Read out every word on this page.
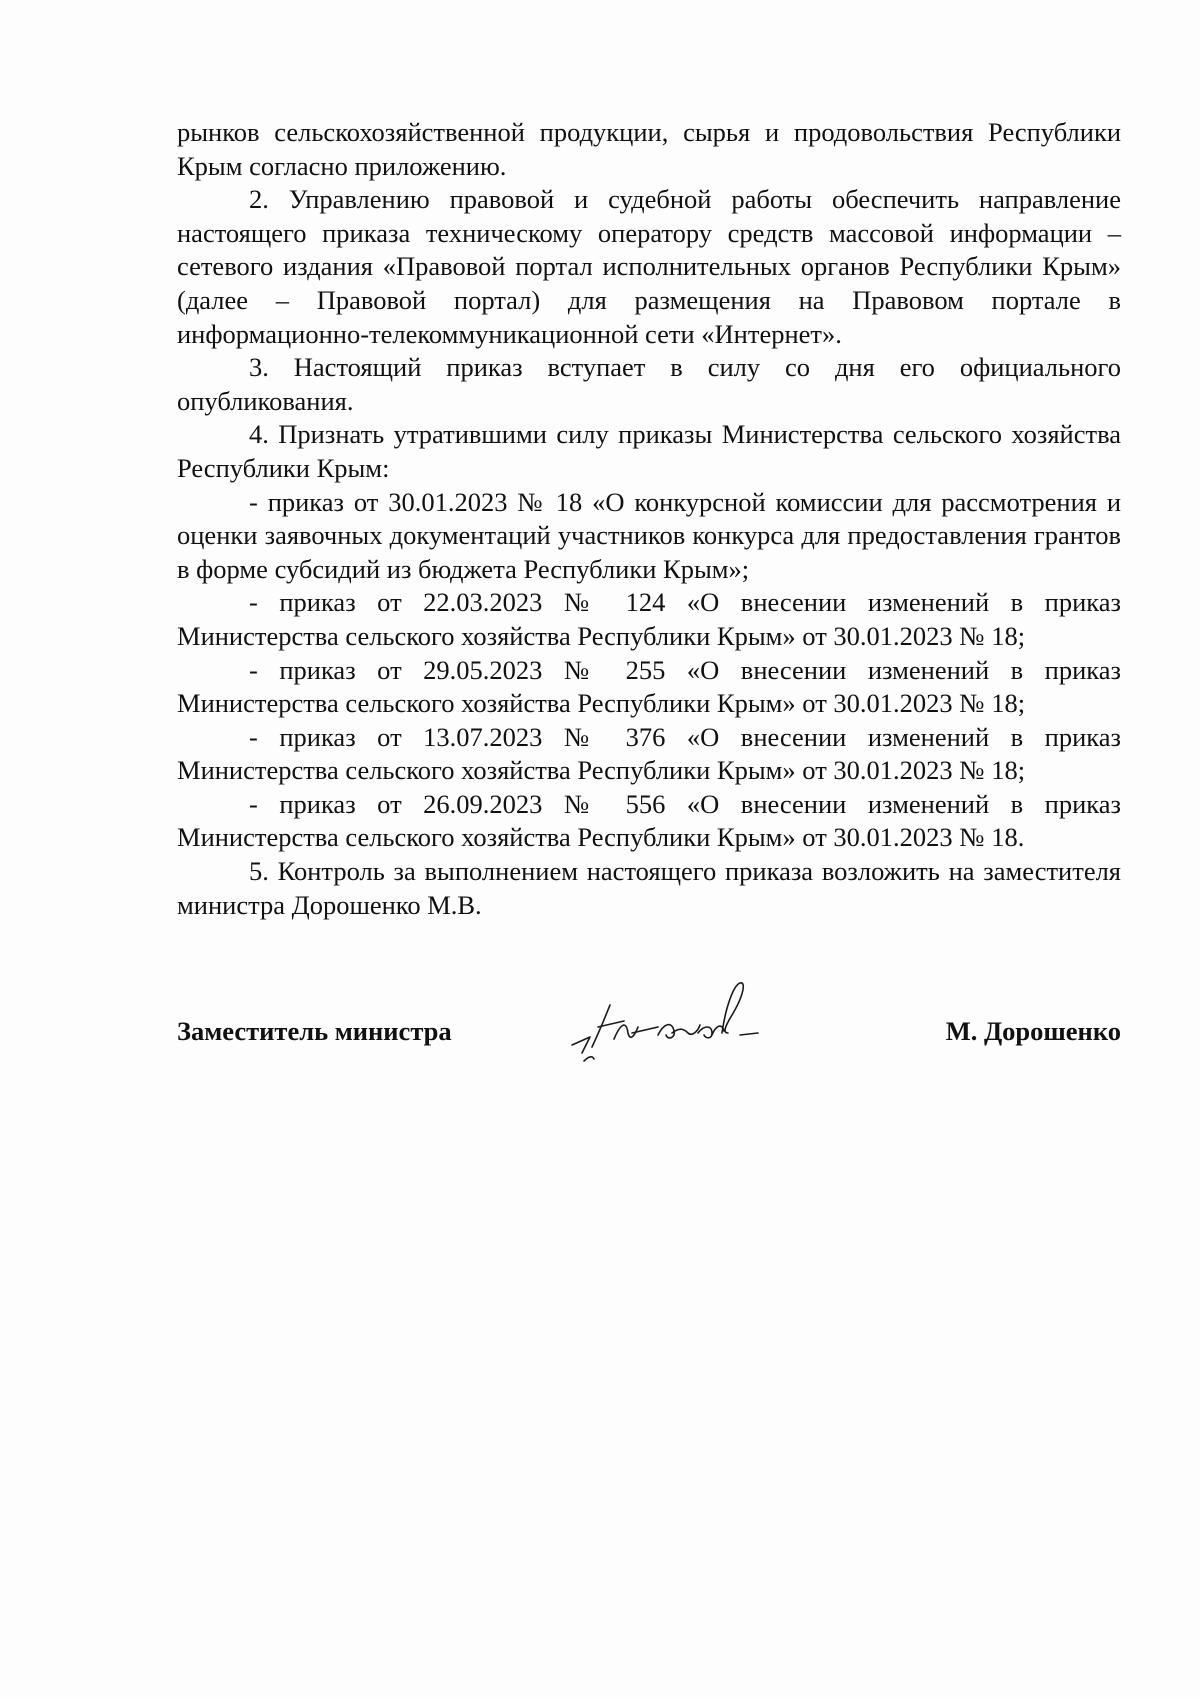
рынков сельскохозяйственной продукции, сырья и продовольствия Республики Крым согласно приложению.

2. Управлению правовой и судебной работы обеспечить направление настоящего приказа техническому оператору средств массовой информации – сетевого издания «Правовой портал исполнительных органов Республики Крым» (далее – Правовой портал) для размещения на Правовом портале в информационно-телекоммуникационной сети «Интернет».

3. Настоящий приказ вступает в силу со дня его официального опубликования.

4. Признать утратившими силу приказы Министерства сельского хозяйства Республики Крым:

- приказ от 30.01.2023 № 18 «О конкурсной комиссии для рассмотрения и оценки заявочных документаций участников конкурса для предоставления грантов в форме субсидий из бюджета Республики Крым»;

- приказ от 22.03.2023 № 124 «О внесении изменений в приказ Министерства сельского хозяйства Республики Крым» от 30.01.2023 № 18;

- приказ от 29.05.2023 № 255 «О внесении изменений в приказ Министерства сельского хозяйства Республики Крым» от 30.01.2023 № 18;

- приказ от 13.07.2023 № 376 «О внесении изменений в приказ Министерства сельского хозяйства Республики Крым» от 30.01.2023 № 18;

- приказ от 26.09.2023 № 556 «О внесении изменений в приказ Министерства сельского хозяйства Республики Крым» от 30.01.2023 № 18.

5. Контроль за выполнением настоящего приказа возложить на заместителя министра Дорошенко М.В.

Заместитель министра	М. Дорошенко
